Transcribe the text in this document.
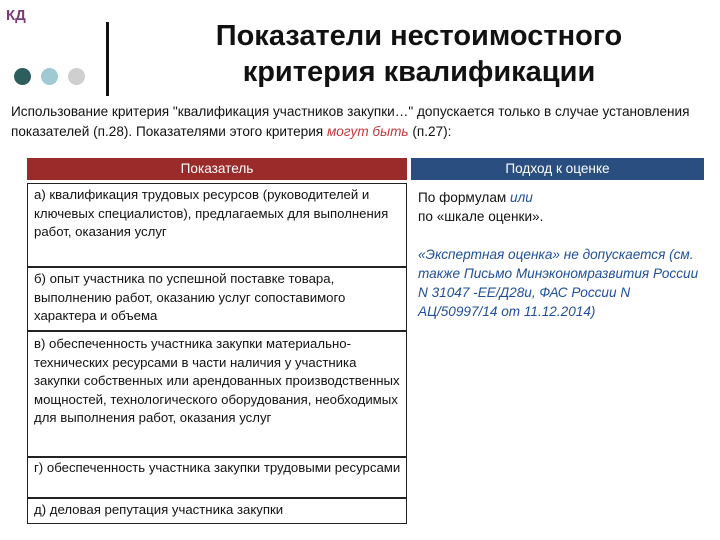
КД
Показатели нестоимостного
критерия квалификации
Использование критерия "квалификация участников закупки…" допускается только в случае установления показателей (п.28). Показателями этого критерия могут быть (п.27):
Показатель	Подход к оценке
а) квалификация трудовых ресурсов (руководителей и ключевых специалистов), предлагаемых для выполнения работ, оказания услуг
б) опыт участника по успешной поставке товара, выполнению работ, оказанию услуг сопоставимого характера и объема
в) обеспеченность участника закупки материально-технических ресурсами в части наличия у участника закупки собственных или арендованных производственных мощностей, технологического оборудования, необходимых для выполнения работ, оказания услуг
г) обеспеченность участника закупки трудовыми ресурсами
д) деловая репутация участника закупки
По формулам или
по «шкале оценки».
«Экспертная оценка» не допускается (см. также Письмо Минэкономразвития России N 31047 -ЕЕ/Д28и, ФАС России N АЦ/50997/14 от 11.12.2014)
